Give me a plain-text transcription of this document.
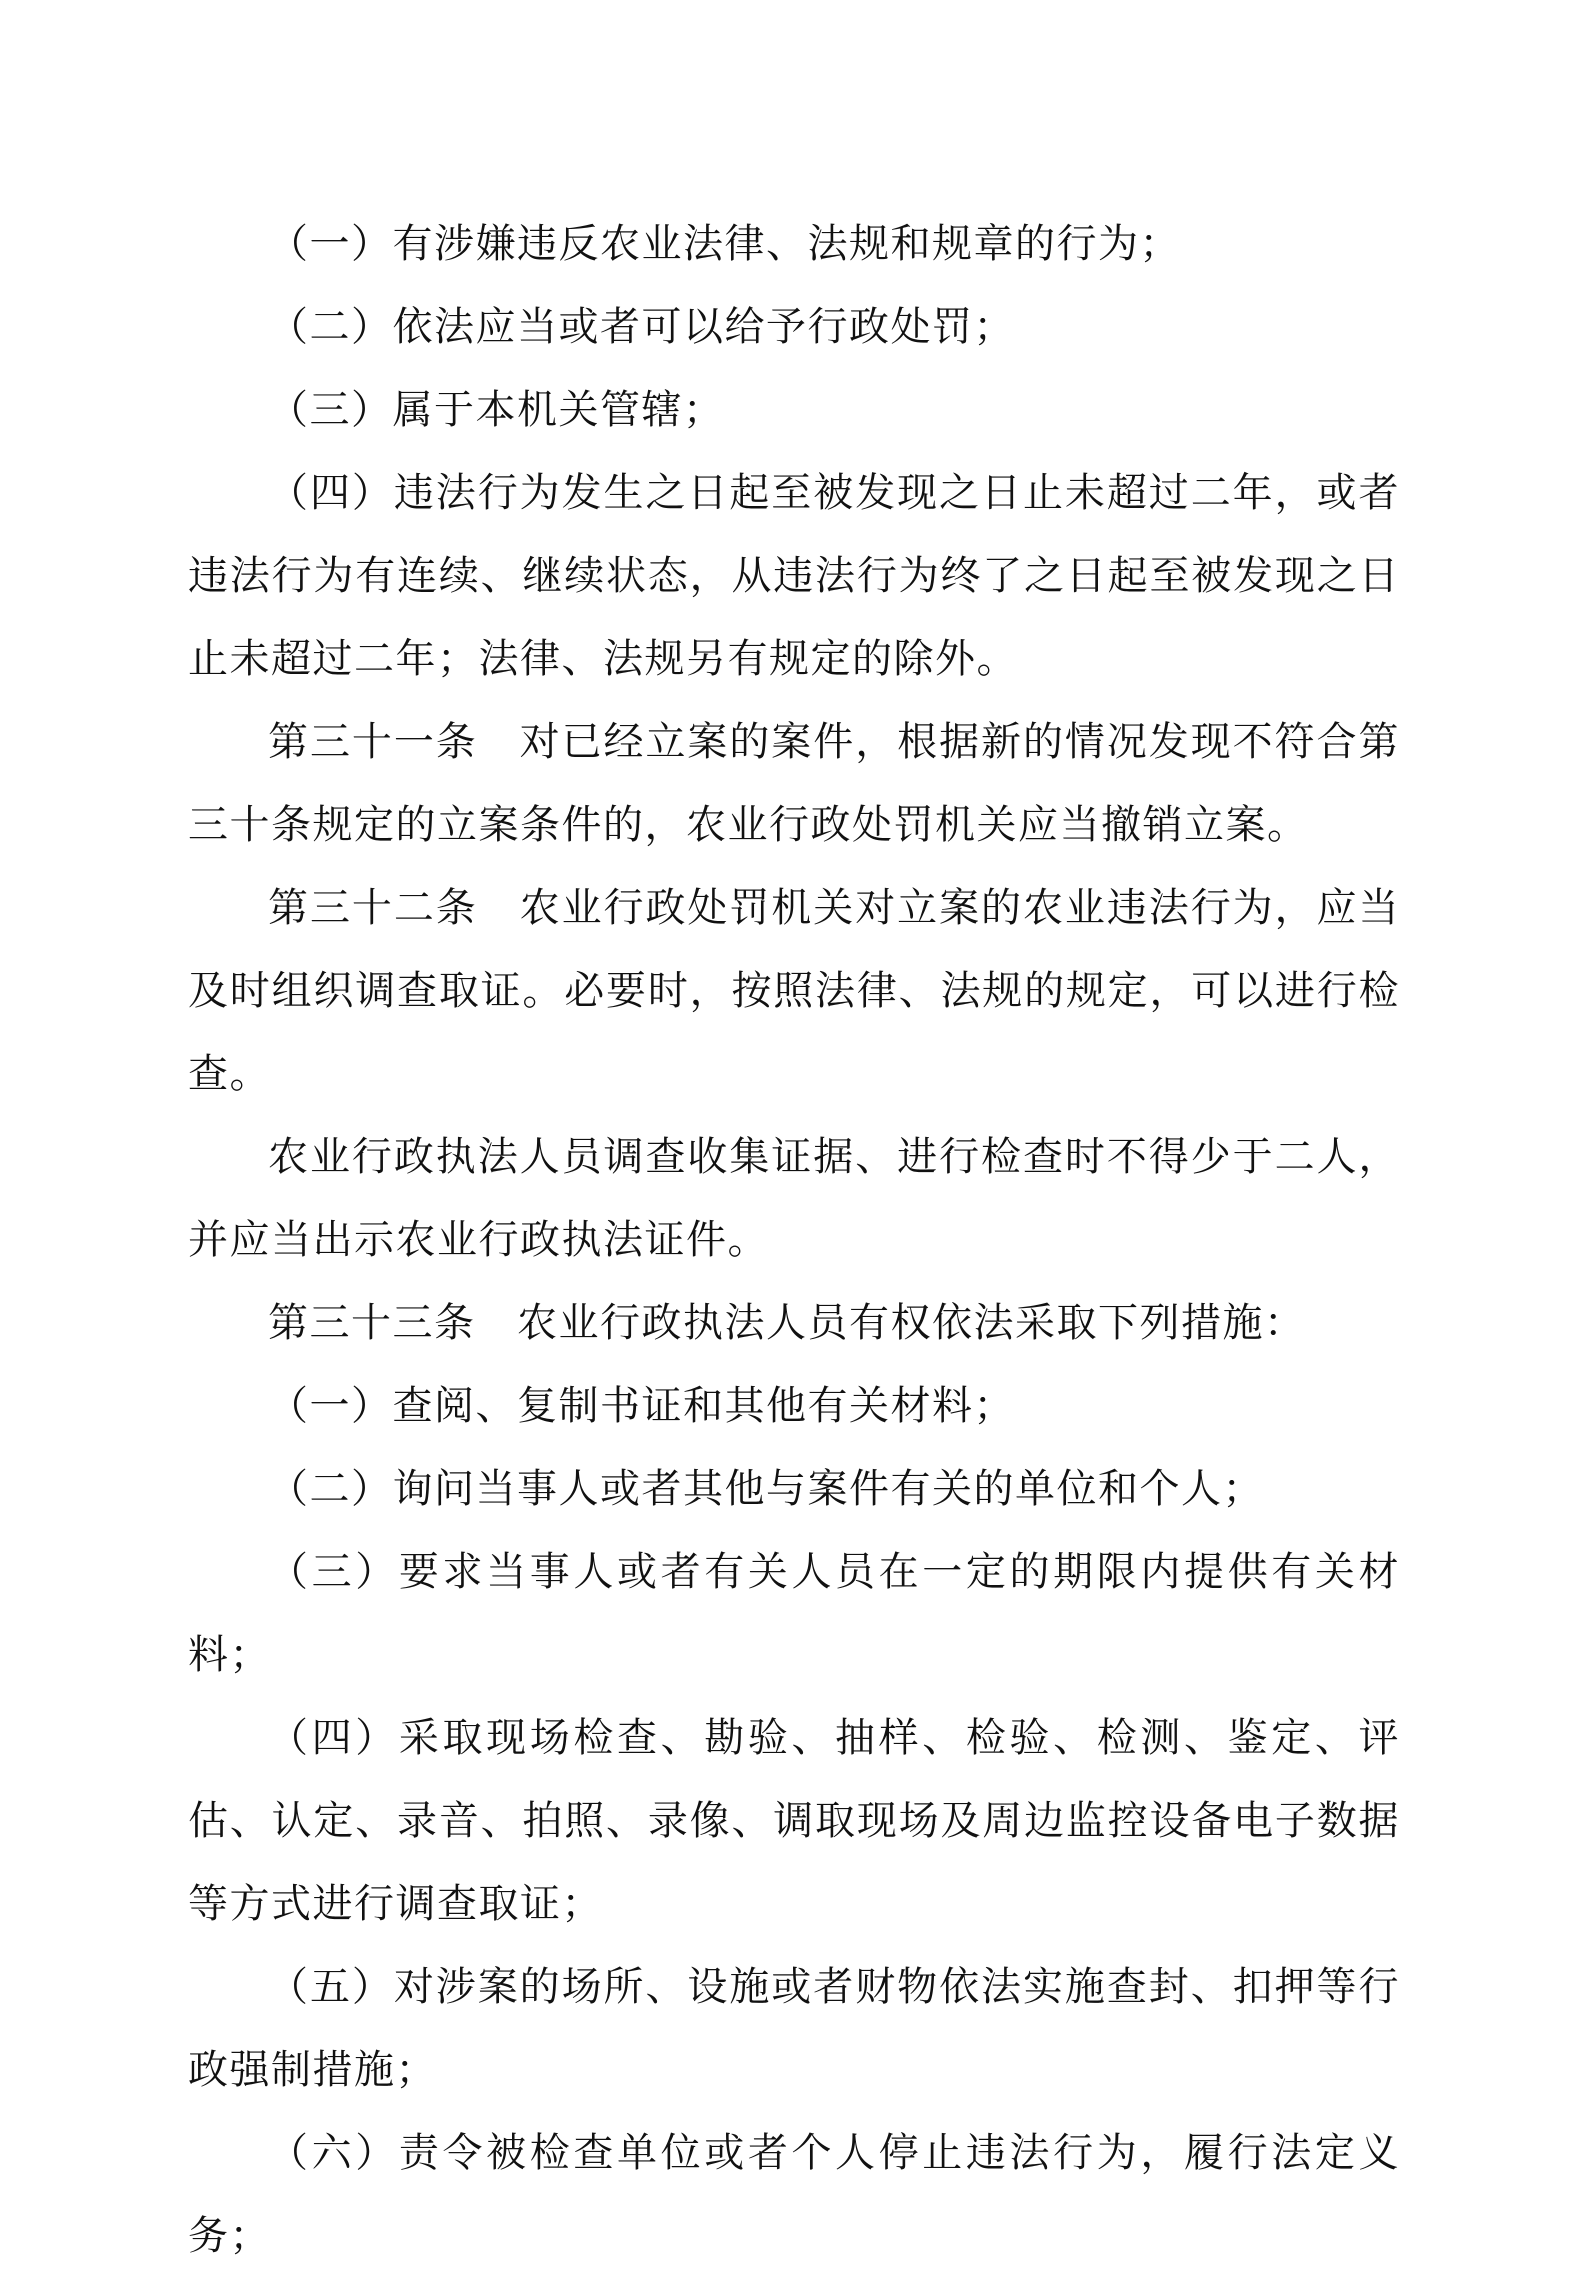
（一）有涉嫌违反农业法律、法规和规章的行为；

（二）依法应当或者可以给予行政处罚；

（三）属于本机关管辖；

（四）违法行为发生之日起至被发现之日止未超过二年，或者违法行为有连续、继续状态，从违法行为终了之日起至被发现之日止未超过二年；法律、法规另有规定的除外。

第三十一条　对已经立案的案件，根据新的情况发现不符合第三十条规定的立案条件的，农业行政处罚机关应当撤销立案。

第三十二条　农业行政处罚机关对立案的农业违法行为，应当及时组织调查取证。必要时，按照法律、法规的规定，可以进行检查。

农业行政执法人员调查收集证据、进行检查时不得少于二人，并应当出示农业行政执法证件。

第三十三条　农业行政执法人员有权依法采取下列措施：

（一）查阅、复制书证和其他有关材料；

（二）询问当事人或者其他与案件有关的单位和个人；

（三）要求当事人或者有关人员在一定的期限内提供有关材料；

（四）采取现场检查、勘验、抽样、检验、检测、鉴定、评估、认定、录音、拍照、录像、调取现场及周边监控设备电子数据等方式进行调查取证；

（五）对涉案的场所、设施或者财物依法实施查封、扣押等行政强制措施；

（六）责令被检查单位或者个人停止违法行为，履行法定义务；
